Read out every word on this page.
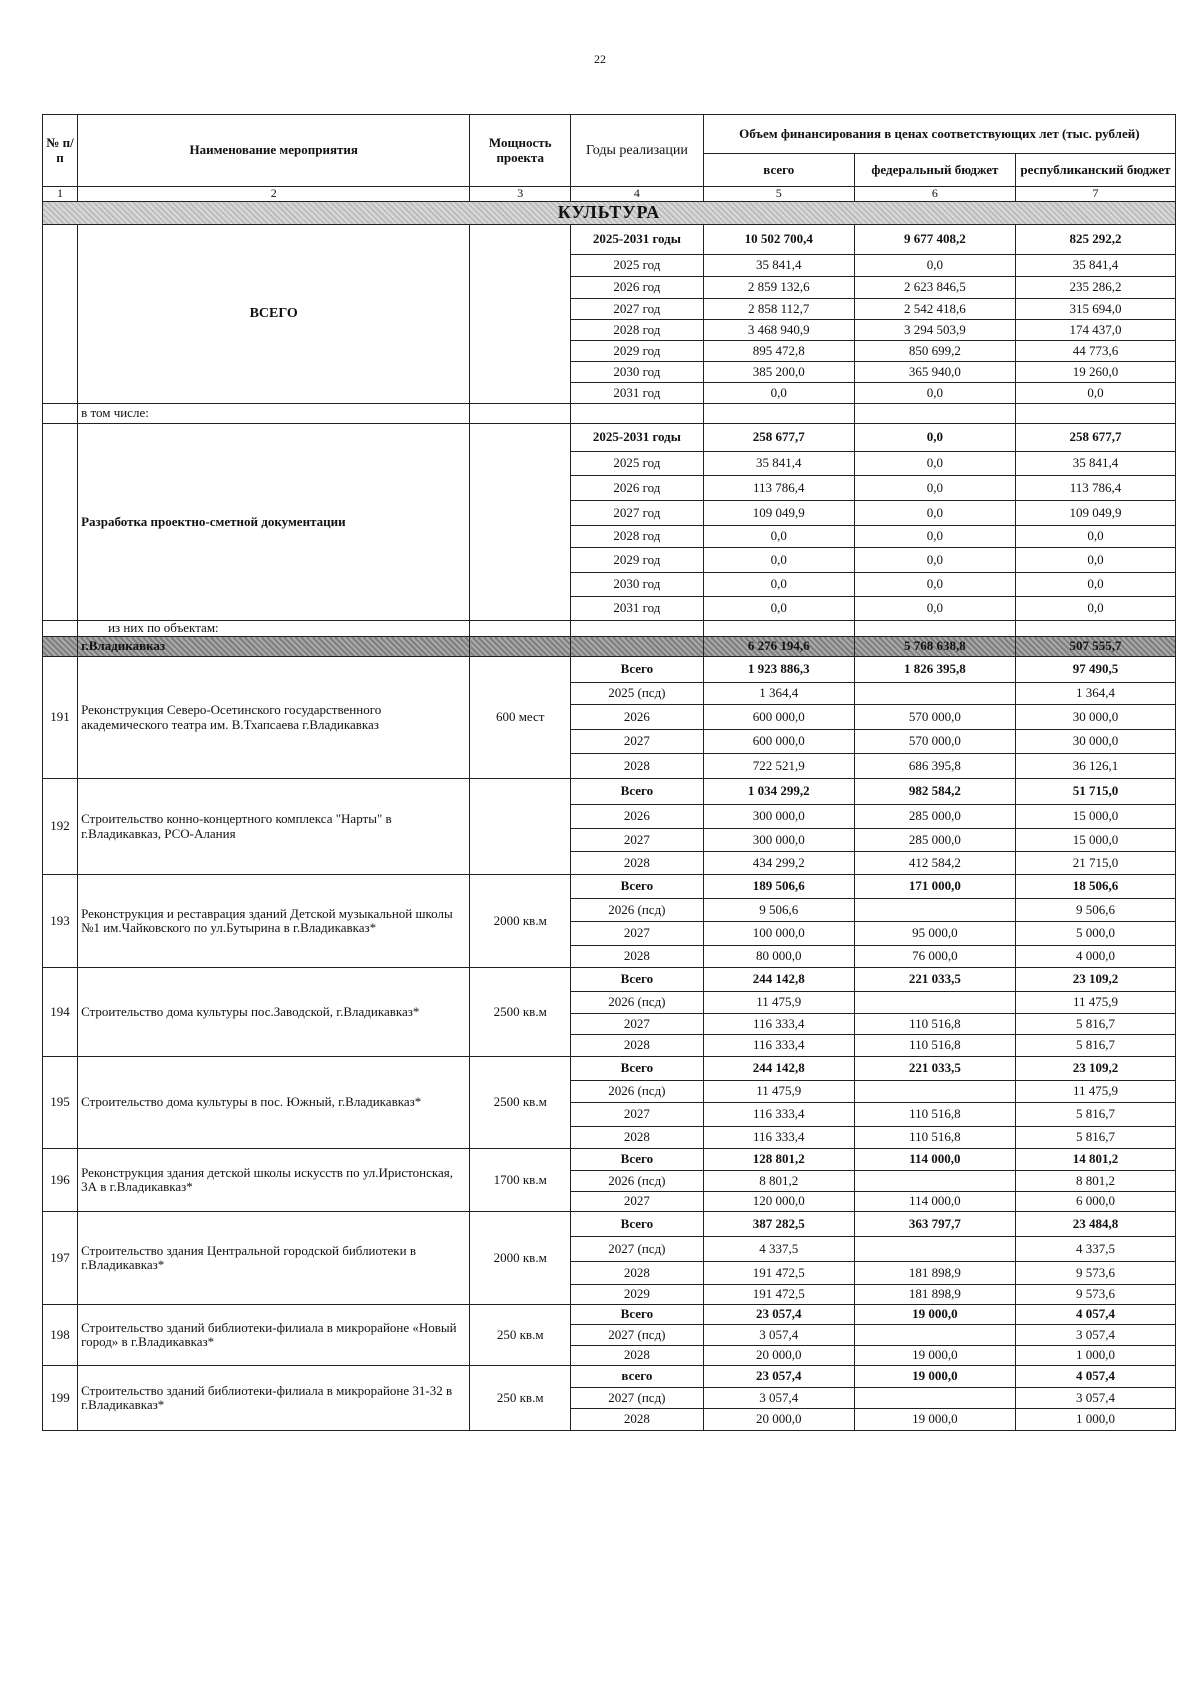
22
№ п/п	Наименование мероприятия	Мощность проекта	Годы реализации	Объем финансирования в ценах соответствующих лет (тыс. рублей)		
				всего	федеральный бюджет	республиканский бюджет
1	2	3	4	5	6	7
КУЛЬТУРА						
	ВСЕГО		2025-2031 годы	10 502 700,4	9 677 408,2	825 292,2
			2025 год	35 841,4	0,0	35 841,4
			2026 год	2 859 132,6	2 623 846,5	235 286,2
			2027 год	2 858 112,7	2 542 418,6	315 694,0
			2028 год	3 468 940,9	3 294 503,9	174 437,0
			2029 год	895 472,8	850 699,2	44 773,6
			2030 год	385 200,0	365 940,0	19 260,0
			2031 год	0,0	0,0	0,0
	в том числе:					
	Разработка проектно-сметной документации		2025-2031 годы	258 677,7	0,0	258 677,7
			2025 год	35 841,4	0,0	35 841,4
			2026 год	113 786,4	0,0	113 786,4
			2027 год	109 049,9	0,0	109 049,9
			2028 год	0,0	0,0	0,0
			2029 год	0,0	0,0	0,0
			2030 год	0,0	0,0	0,0
			2031 год	0,0	0,0	0,0
	из них по объектам:					
	г.Владикавказ			6 276 194,6	5 768 638,8	507 555,7
191	Реконструкция Северо-Осетинского государственного академического театра им. В.Тхапсаева г.Владикавказ	600 мест	Всего	1 923 886,3	1 826 395,8	97 490,5
			2025 (псд)	1 364,4		1 364,4
			2026	600 000,0	570 000,0	30 000,0
			2027	600 000,0	570 000,0	30 000,0
			2028	722 521,9	686 395,8	36 126,1
192	Строительство конно-концертного комплекса "Нарты" в г.Владикавказ, РСО-Алания		Всего	1 034 299,2	982 584,2	51 715,0
			2026	300 000,0	285 000,0	15 000,0
			2027	300 000,0	285 000,0	15 000,0
			2028	434 299,2	412 584,2	21 715,0
193	Реконструкция и реставрация зданий Детской музыкальной школы №1 им.Чайковского по ул.Бутырина в г.Владикавказ*	2000 кв.м	Всего	189 506,6	171 000,0	18 506,6
			2026 (псд)	9 506,6		9 506,6
			2027	100 000,0	95 000,0	5 000,0
			2028	80 000,0	76 000,0	4 000,0
194	Строительство дома культуры пос.Заводской, г.Владикавказ*	2500 кв.м	Всего	244 142,8	221 033,5	23 109,2
			2026 (псд)	11 475,9		11 475,9
			2027	116 333,4	110 516,8	5 816,7
			2028	116 333,4	110 516,8	5 816,7
195	Строительство дома культуры в пос. Южный, г.Владикавказ*	2500 кв.м	Всего	244 142,8	221 033,5	23 109,2
			2026 (псд)	11 475,9		11 475,9
			2027	116 333,4	110 516,8	5 816,7
			2028	116 333,4	110 516,8	5 816,7
196	Реконструкция здания детской школы искусств по ул.Иристонская, 3А в г.Владикавказ*	1700 кв.м	Всего	128 801,2	114 000,0	14 801,2
			2026 (псд)	8 801,2		8 801,2
			2027	120 000,0	114 000,0	6 000,0
197	Строительство здания Центральной городской библиотеки в г.Владикавказ*	2000 кв.м	Всего	387 282,5	363 797,7	23 484,8
			2027 (псд)	4 337,5		4 337,5
			2028	191 472,5	181 898,9	9 573,6
			2029	191 472,5	181 898,9	9 573,6
198	Строительство зданий библиотеки-филиала в микрорайоне «Новый город» в г.Владикавказ*	250 кв.м	Всего	23 057,4	19 000,0	4 057,4
			2027 (псд)	3 057,4		3 057,4
			2028	20 000,0	19 000,0	1 000,0
199	Строительство зданий библиотеки-филиала в микрорайоне 31-32 в г.Владикавказ*	250 кв.м	всего	23 057,4	19 000,0	4 057,4
			2027 (псд)	3 057,4		3 057,4
			2028	20 000,0	19 000,0	1 000,0
